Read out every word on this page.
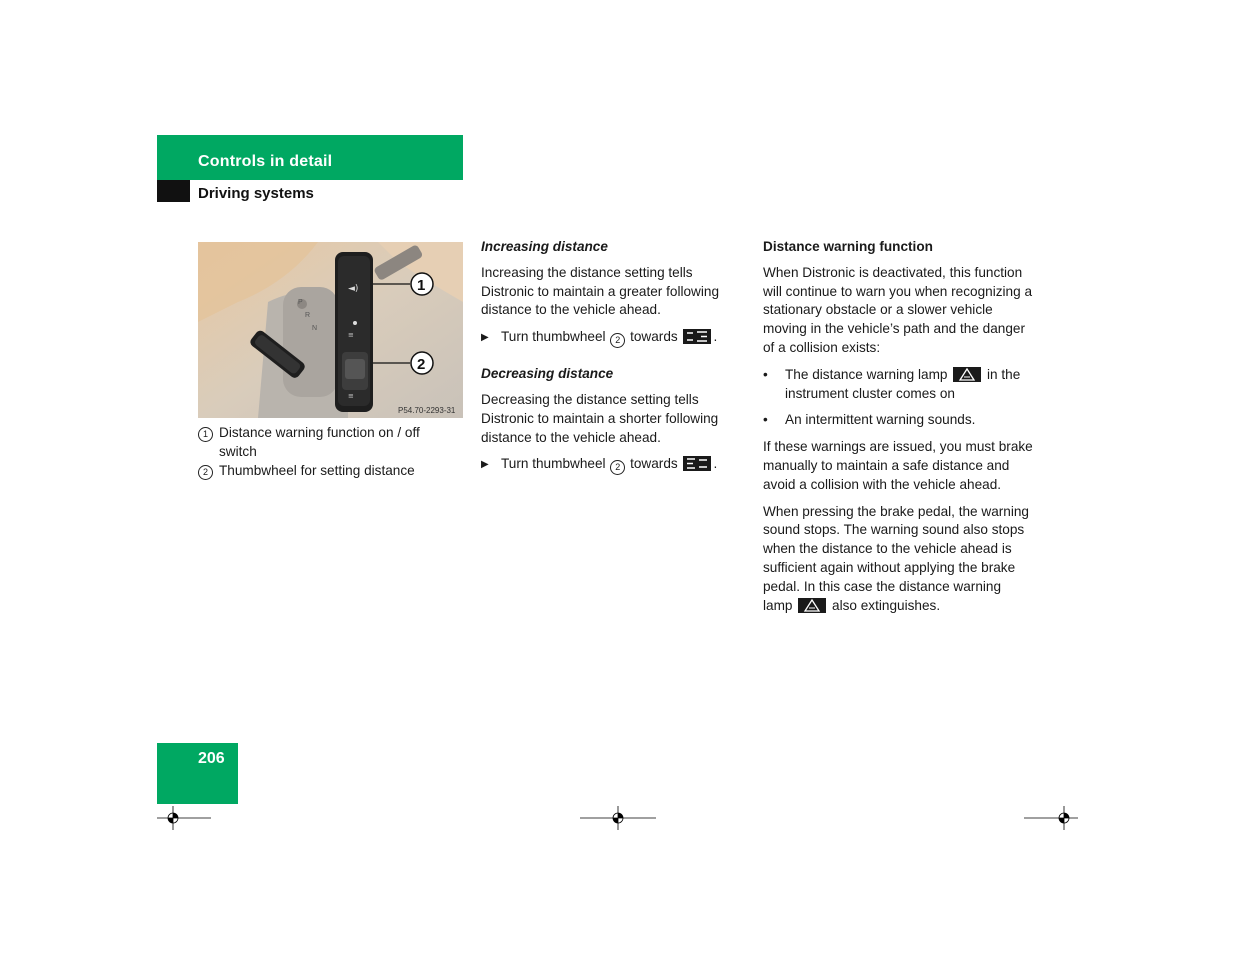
Controls in detail
Driving systems
P
R
N
◄)
≡
≡
1
2
P54.70-2293-31
1 Distance warning function on / off switch
2 Thumbwheel for setting distance
Increasing distance
Increasing the distance setting tells Distronic to maintain a greater following distance to the vehicle ahead.
▶ Turn thumbwheel 2 towards	.
Decreasing distance
Decreasing the distance setting tells Distronic to maintain a shorter following distance to the vehicle ahead.
▶ Turn thumbwheel 2 towards	.
Distance warning function
When Distronic is deactivated, this function will continue to warn you when recognizing a stationary obstacle or a slower vehicle moving in the vehicle’s path and the danger of a collision exists:
•	The distance warning lamp	in the instrument cluster comes on
•	An intermittent warning sounds.
If these warnings are issued, you must brake manually to maintain a safe distance and avoid a collision with the vehicle ahead.
When pressing the brake pedal, the warning sound stops. The warning sound also stops when the distance to the vehicle ahead is sufficient again without applying the brake pedal. In this case the distance warning lamp	also extinguishes.
206
